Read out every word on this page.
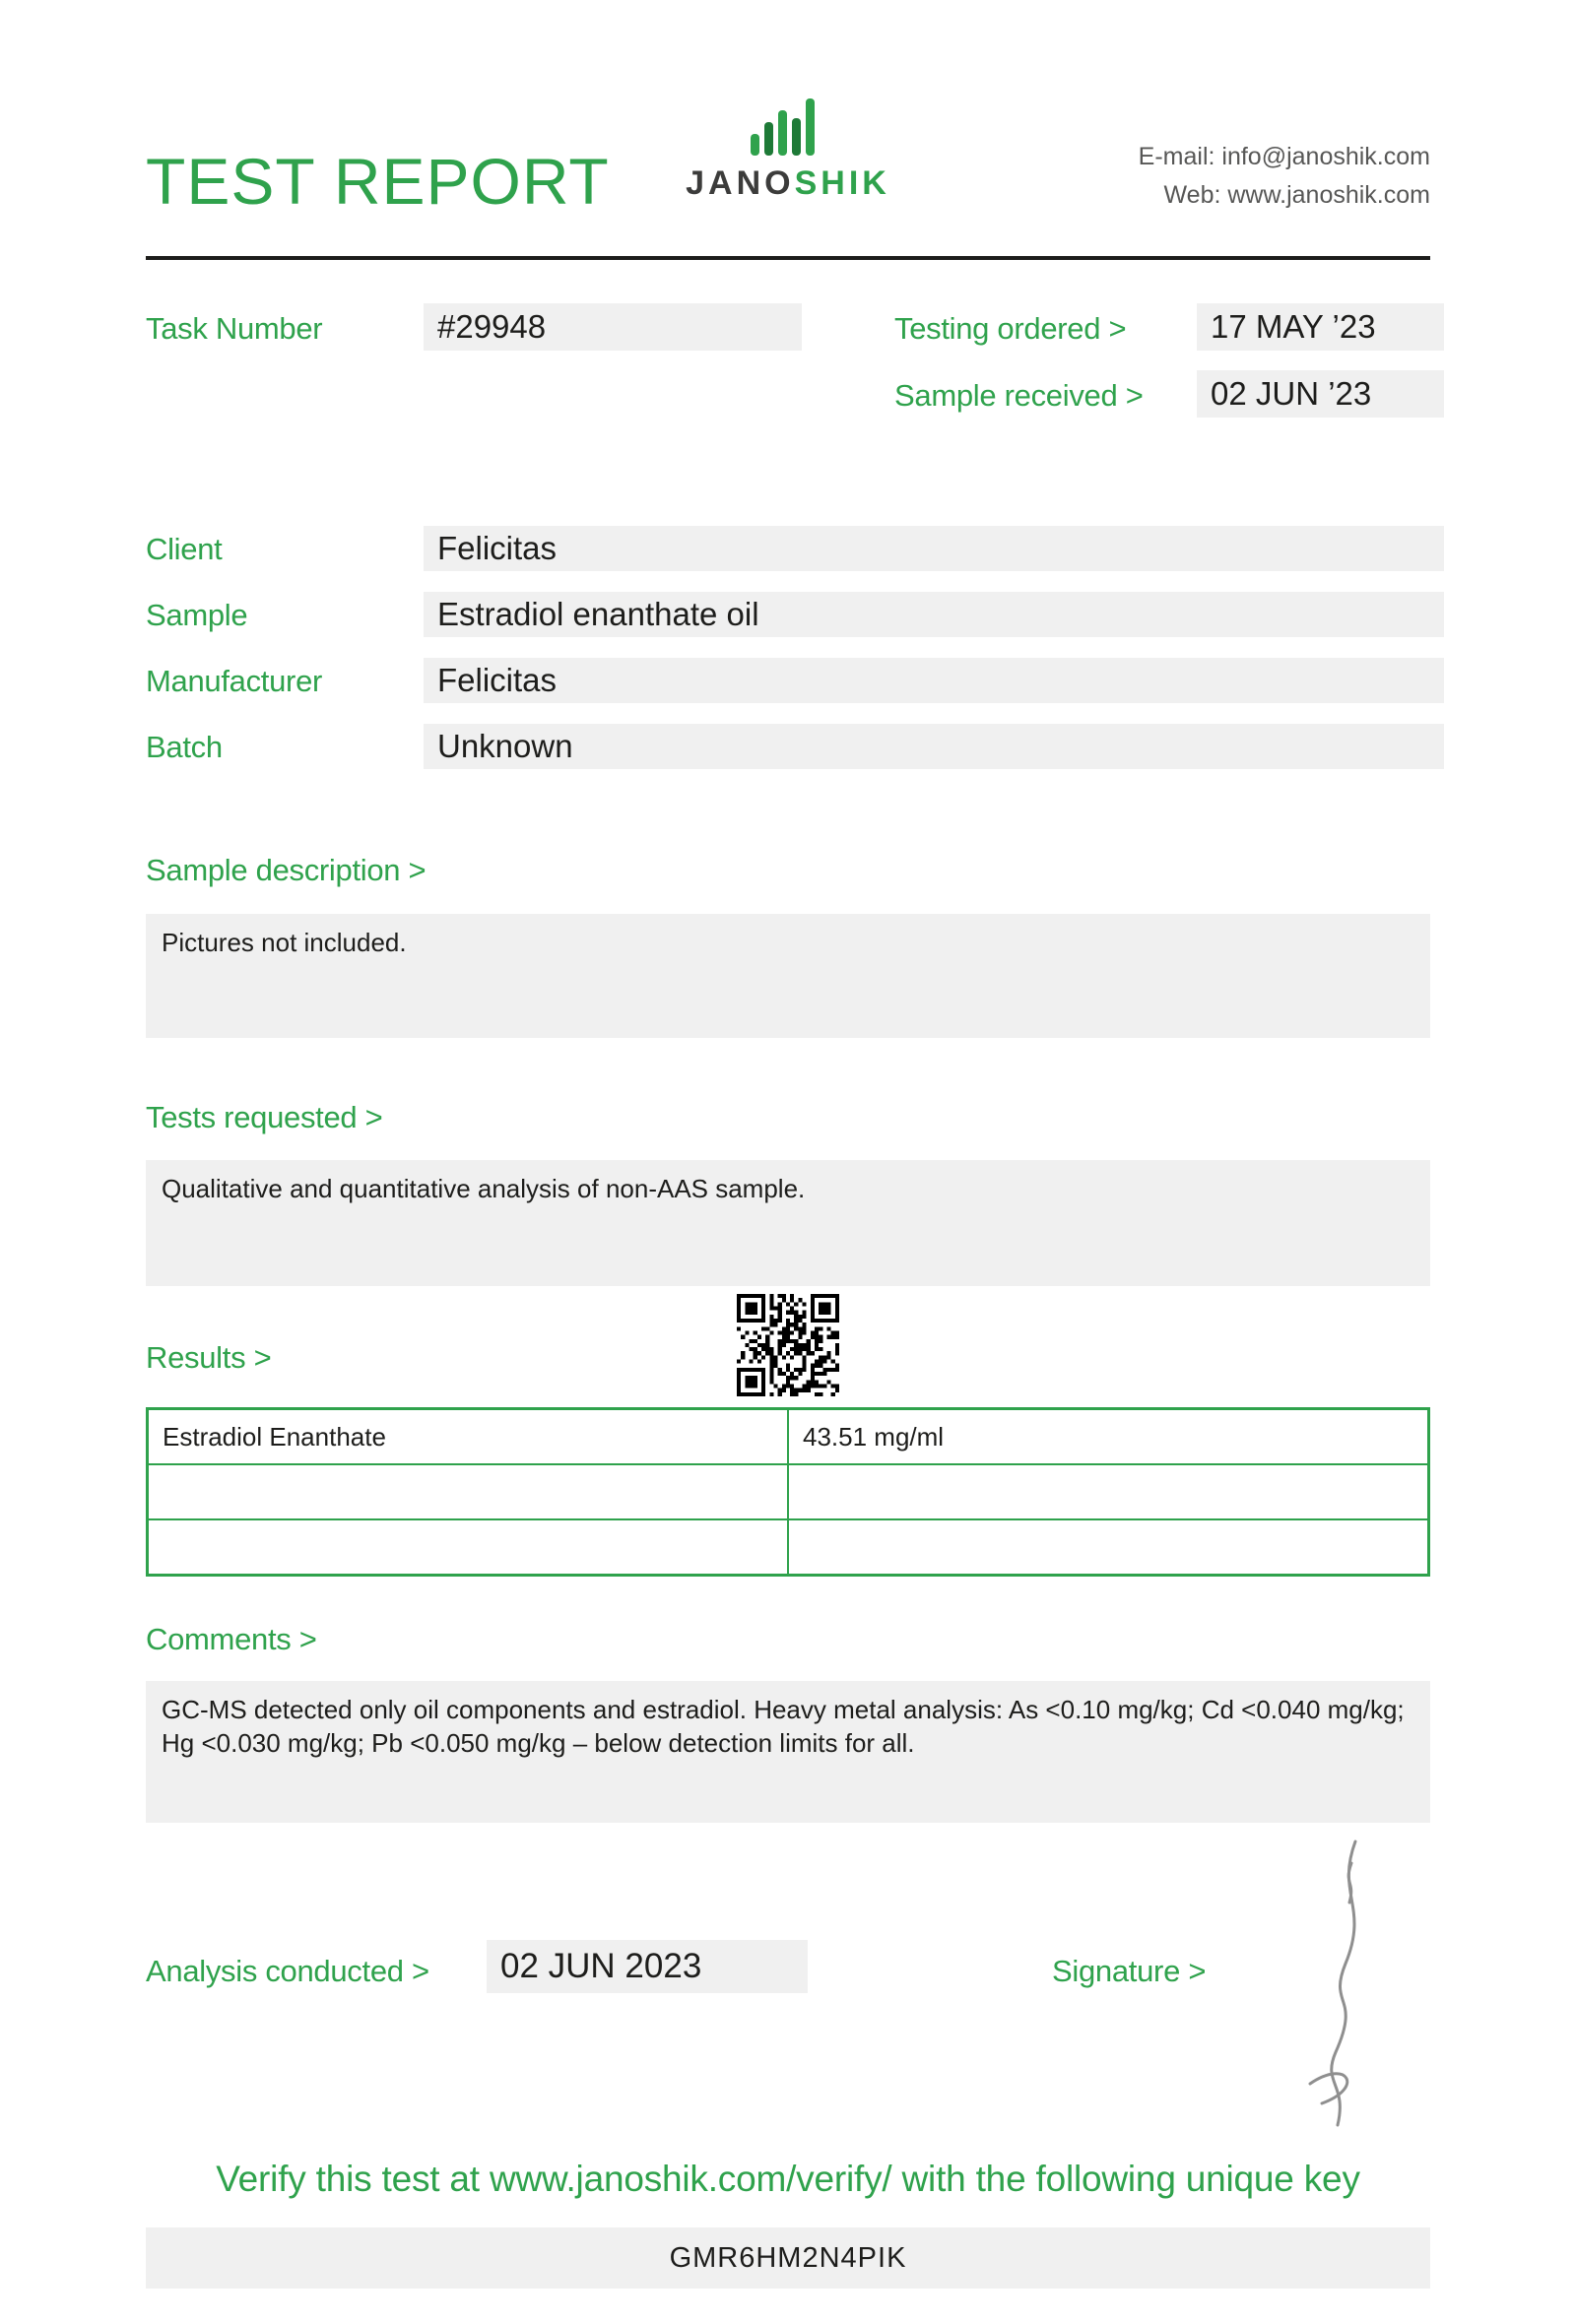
TEST REPORT	JANOSHIK
E-mail: info@janoshik.com
Web: www.janoshik.com
Task Number	#29948	Testing ordered >	17 MAY ’23
Sample received >	02 JUN ’23
Client	Felicitas
Sample	Estradiol enanthate oil
Manufacturer	Felicitas
Batch	Unknown
Sample description >
Pictures not included.
Tests requested >
Qualitative and quantitative analysis of non-AAS sample.
Results >
Estradiol Enanthate	43.51 mg/ml

Comments >
GC-MS detected only oil components and estradiol. Heavy metal analysis: As <0.10 mg/kg; Cd <0.040 mg/kg; Hg <0.030 mg/kg; Pb <0.050 mg/kg – below detection limits for all.
Analysis conducted >	02 JUN 2023	Signature >
Verify this test at www.janoshik.com/verify/ with the following unique key
GMR6HM2N4PIK
